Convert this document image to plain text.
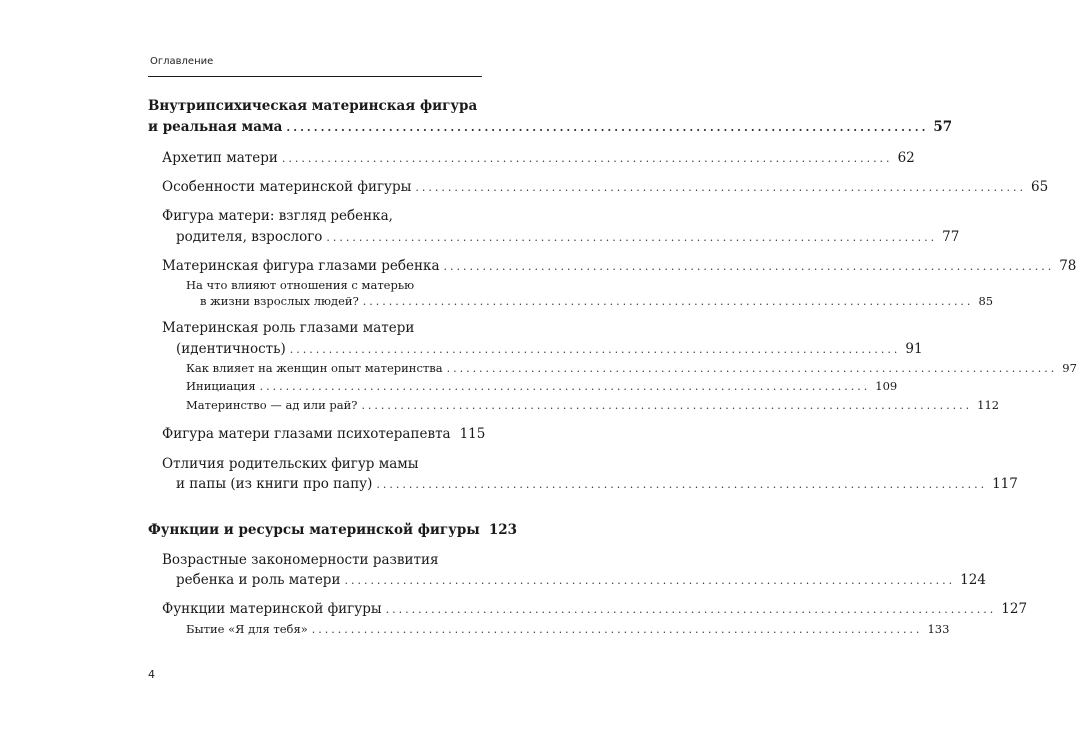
Оглавление
Внутрипсихическая материнская фигура
и реальная мама .............................................................................................. 57
Архетип матери .............................................................................................. 62
Особенности материнской фигуры .............................................................................................. 65
Фигура матери: взгляд ребенка,
родителя, взрослого .............................................................................................. 77
Материнская фигура глазами ребенка .............................................................................................. 78
На что влияют отношения с матерью
в жизни взрослых людей? .............................................................................................. 85
Материнская роль глазами матери
(идентичность) .............................................................................................. 91
Как влияет на женщин опыт материнства .............................................................................................. 97
Инициация .............................................................................................. 109
Материнство — ад или рай? .............................................................................................. 112
Фигура матери глазами психотерапевта 115
Отличия родительских фигур мамы
и папы (из книги про папу) .............................................................................................. 117
Функции и ресурсы материнской фигуры 123
Возрастные закономерности развития
ребенка и роль матери .............................................................................................. 124
Функции материнской фигуры .............................................................................................. 127
Бытие «Я для тебя» .............................................................................................. 133
4
